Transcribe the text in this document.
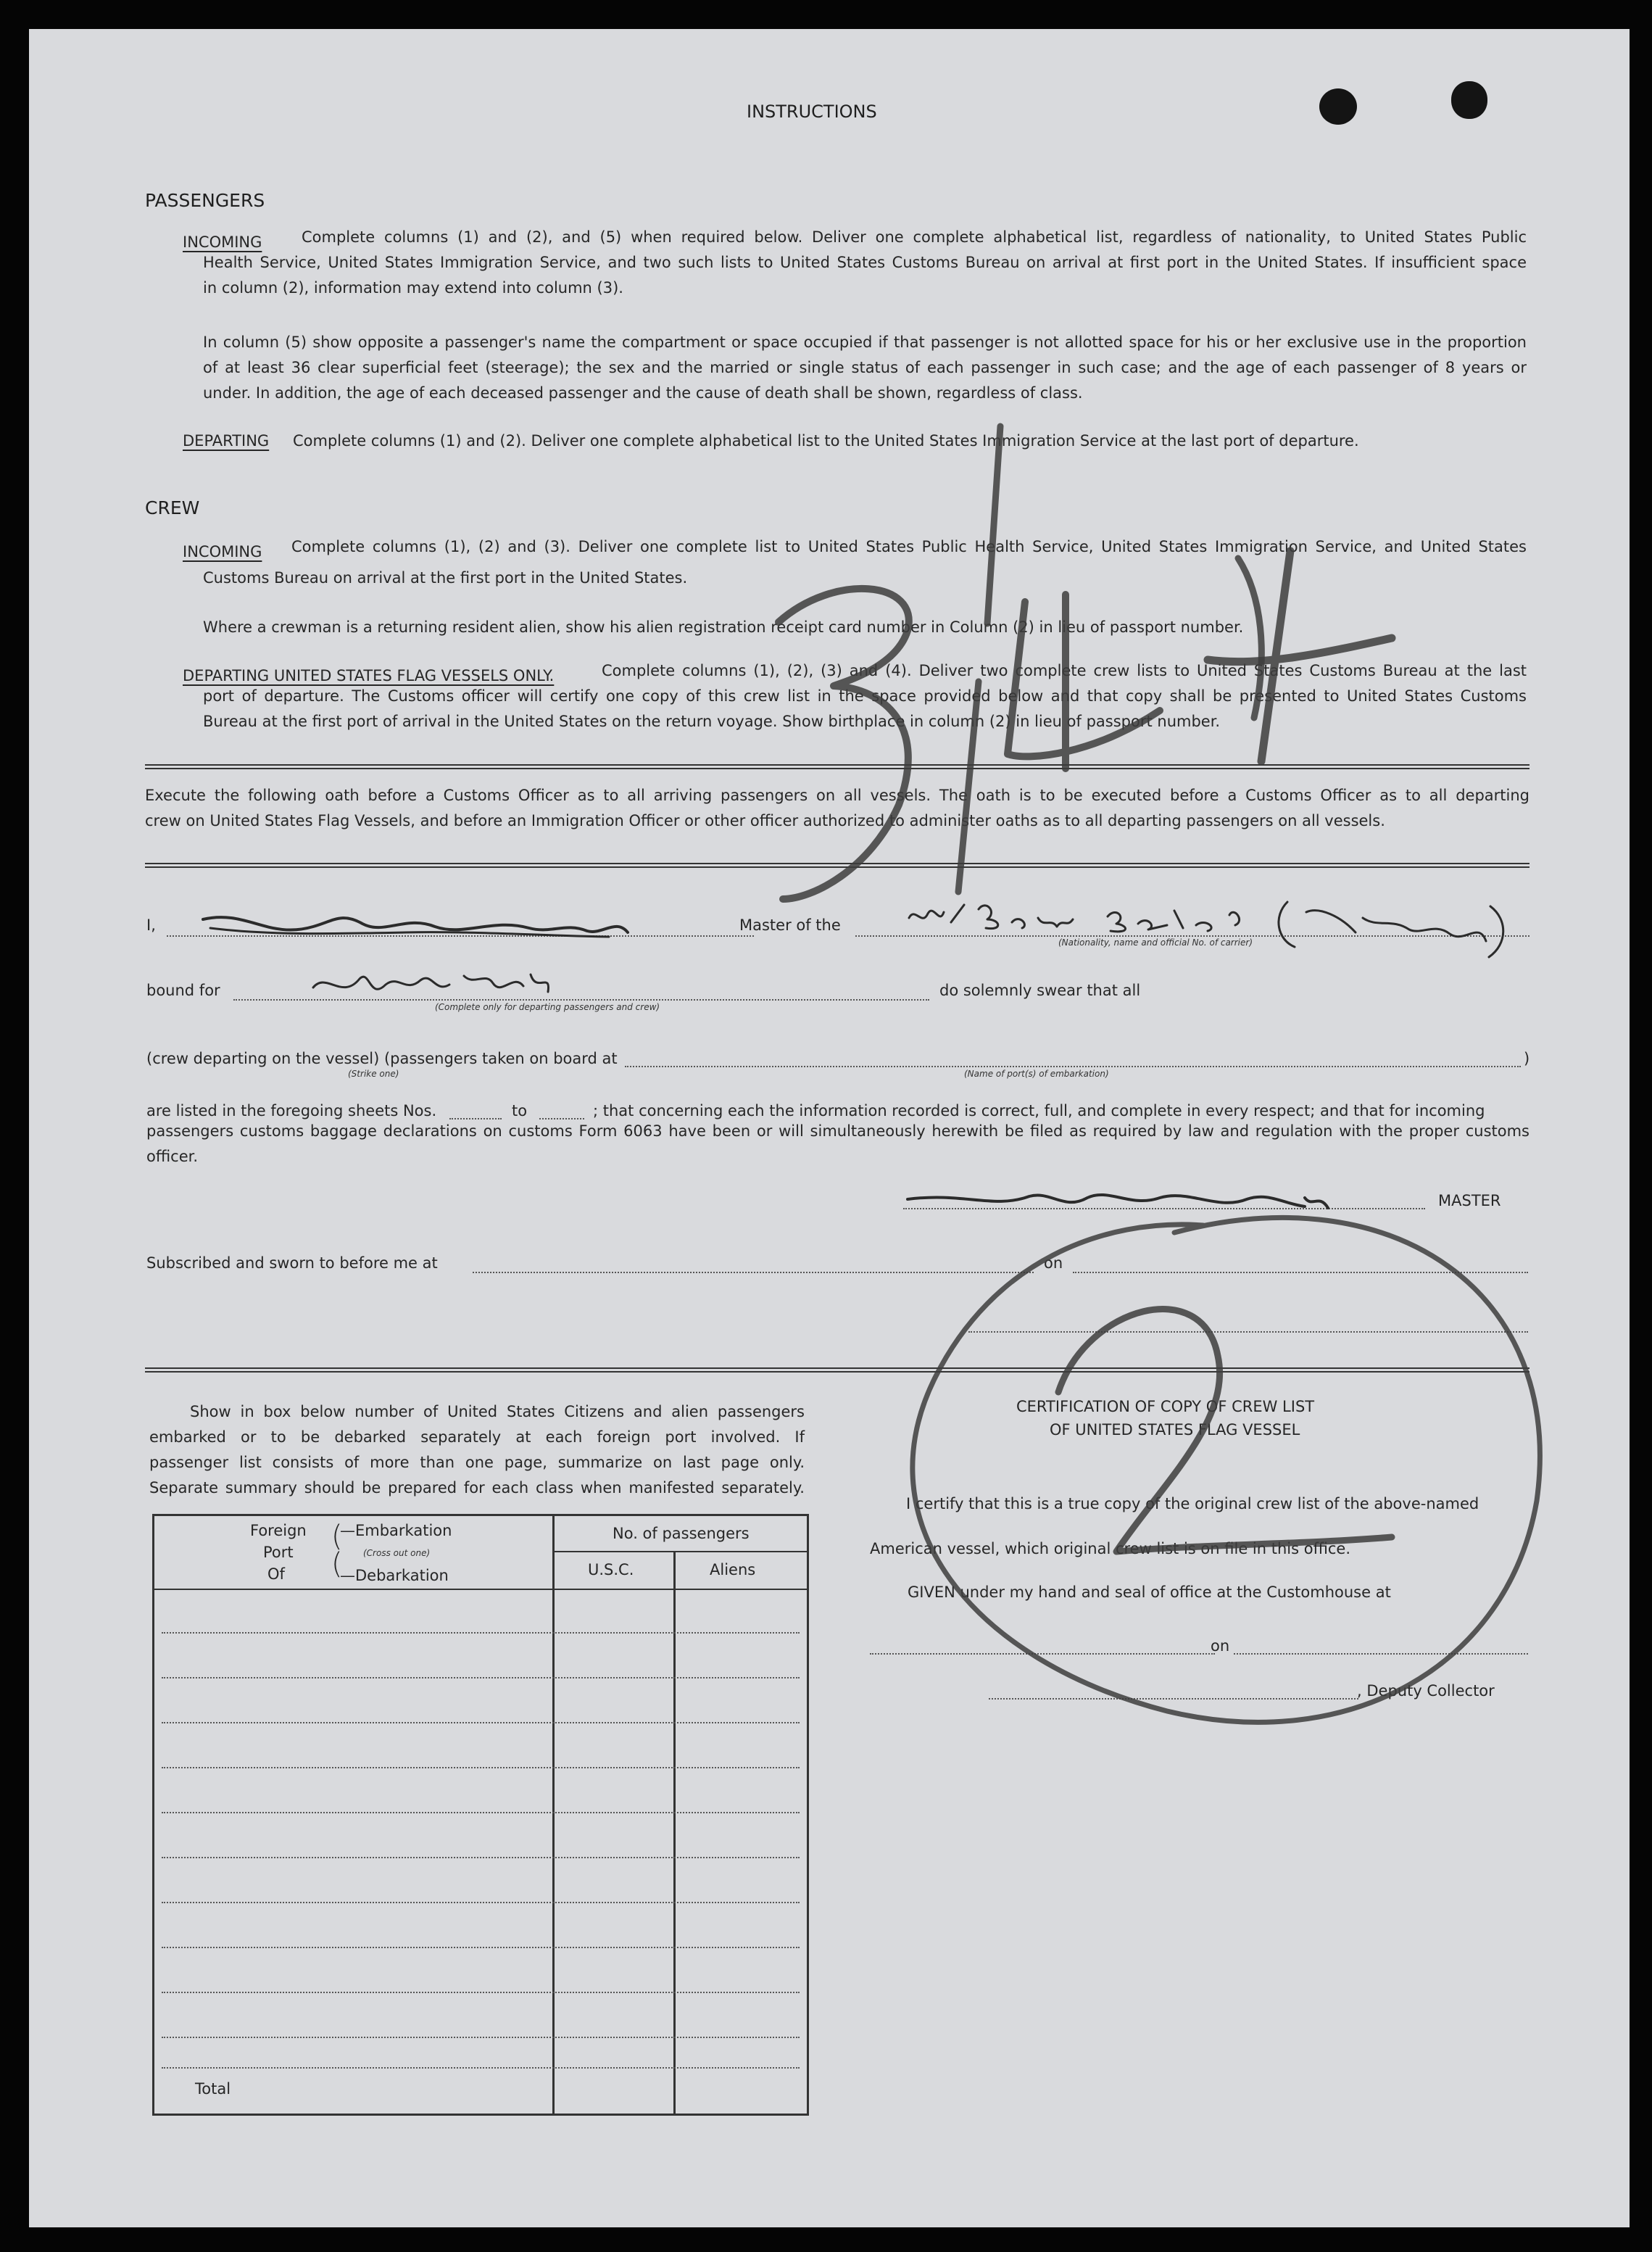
INSTRUCTIONS
PASSENGERS
INCOMING	Complete columns (1) and (2), and (5) when required below. Deliver one complete alphabetical list, regardless of nationality, to United States Public
Health Service, United States Immigration Service, and two such lists to United States Customs Bureau on arrival at first port in the United States. If insufficient space
in column (2), information may extend into column (3).
In column (5) show opposite a passenger's name the compartment or space occupied if that passenger is not allotted space for his or her exclusive use in the proportion
of at least 36 clear superficial feet (steerage); the sex and the married or single status of each passenger in such case; and the age of each passenger of 8 years or
under. In addition, the age of each deceased passenger and the cause of death shall be shown, regardless of class.
DEPARTING Complete columns (1) and (2). Deliver one complete alphabetical list to the United States Immigration Service at the last port of departure.
CREW
INCOMING Complete columns (1), (2) and (3). Deliver one complete list to United States Public Health Service, United States Immigration Service, and United States
Customs Bureau on arrival at the first port in the United States.
Where a crewman is a returning resident alien, show his alien registration receipt card number in Column (2) in lieu of passport number.
DEPARTING UNITED STATES FLAG VESSELS ONLY.	Complete columns (1), (2), (3) and (4). Deliver two complete crew lists to United States Customs Bureau at the last
port of departure. The Customs officer will certify one copy of this crew list in the space provided below and that copy shall be presented to United States Customs
Bureau at the first port of arrival in the United States on the return voyage. Show birthplace in column (2) in lieu of passport number.
Execute the following oath before a Customs Officer as to all arriving passengers on all vessels. The oath is to be executed before a Customs Officer as to all departing
crew on United States Flag Vessels, and before an Immigration Officer or other officer authorized to administer oaths as to all departing passengers on all vessels.
I,	Master of the
(Nationality, name and official No. of carrier)
bound for
(Complete only for departing passengers and crew)
do solemnly swear that all
(crew departing on the vessel) (passengers taken on board at
(Strike one)
)
(Name of port(s) of embarkation)
are listed in the foregoing sheets Nos.	to	; that concerning each the information recorded is correct, full, and complete in every respect; and that for incoming
passengers customs baggage declarations on customs Form 6063 have been or will simultaneously herewith be filed as required by law and regulation with the proper customs
officer.
MASTER
Subscribed and sworn to before me at	on
Show in box below number of United States Citizens and alien passengers
embarked or to be debarked separately at each foreign port involved. If
passenger list consists of more than one page, summarize on last page only.
Separate summary should be prepared for each class when manifested separately.
Foreign
Port
Of
(
(
—Embarkation
(Cross out one)
—Debarkation
No. of passengers
U.S.C.	Aliens
Total
CERTIFICATION OF COPY OF CREW LIST
OF UNITED STATES FLAG VESSEL
I certify that this is a true copy of the original crew list of the above-named
American vessel, which original crew list is on file in this office.
GIVEN under my hand and seal of office at the Customhouse at
on
, Deputy Collector
